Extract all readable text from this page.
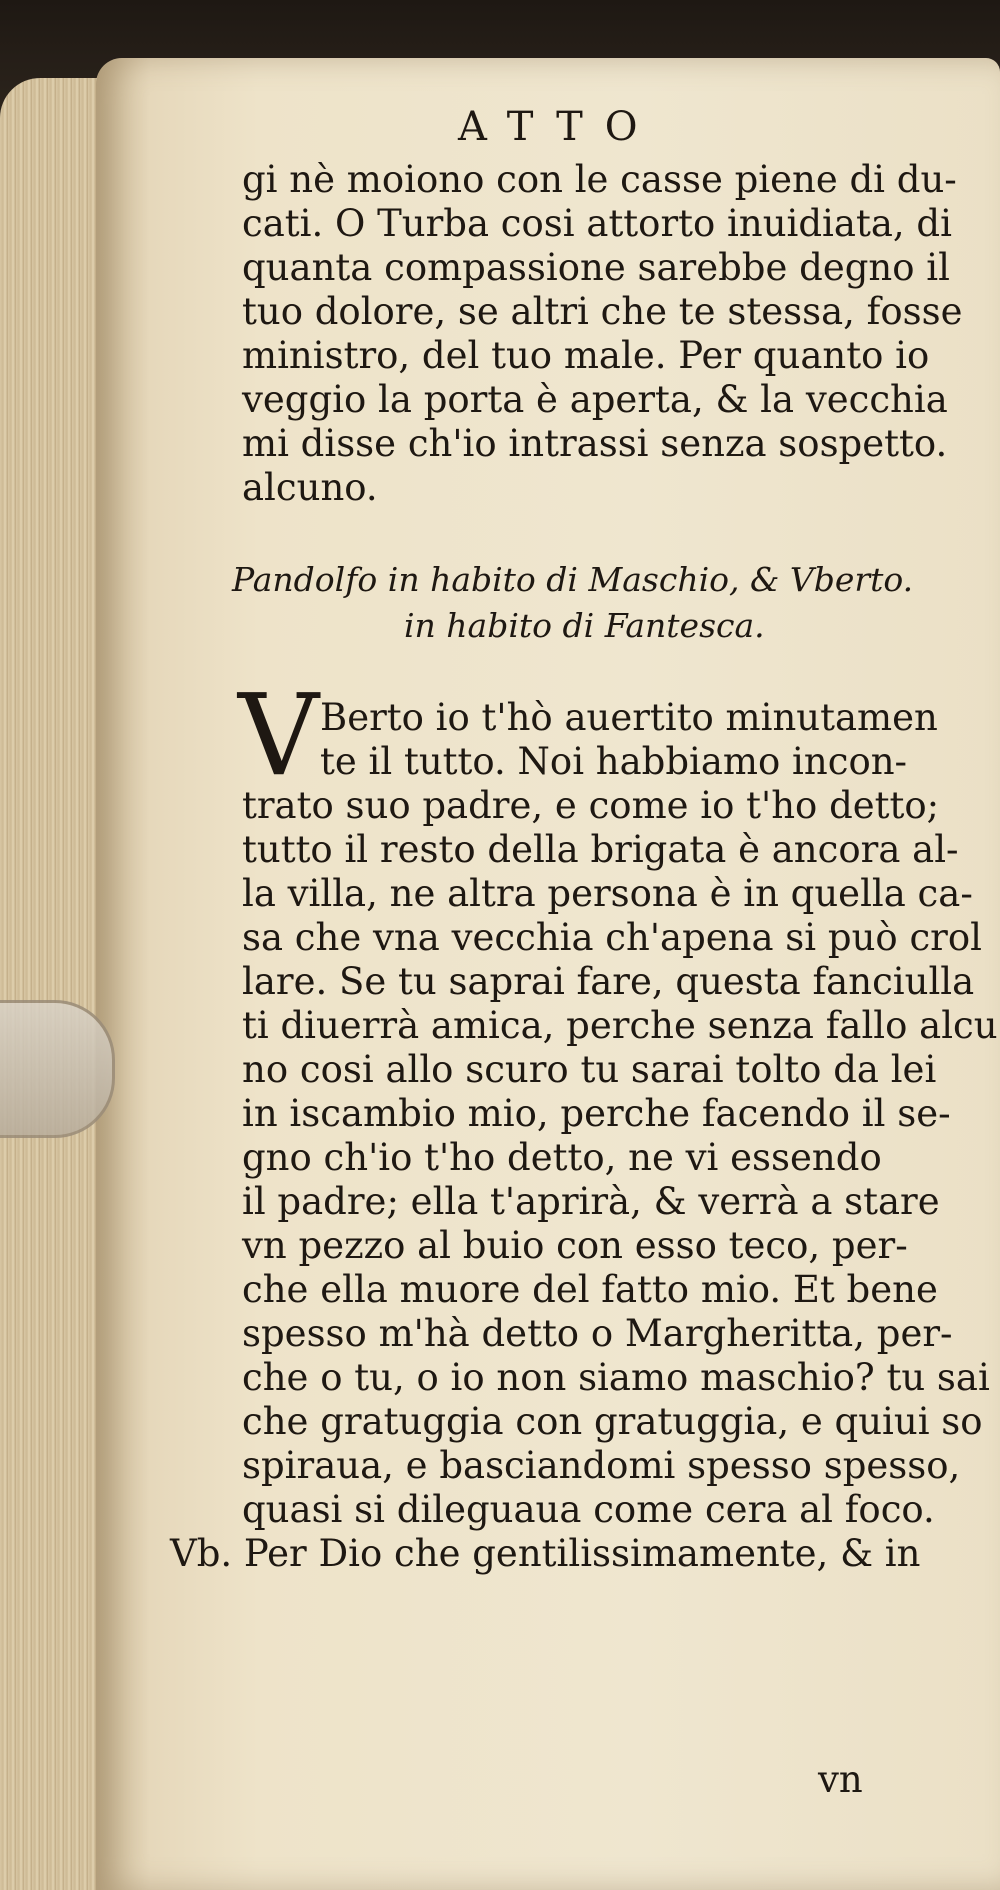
ATTO
gi nè moiono con le casse piene di du-
cati. O Turba cosi attorto inuidiata, di
quanta compassione sarebbe degno il
tuo dolore, se altri che te stessa, fosse
ministro, del tuo male. Per quanto io
veggio la porta è aperta, & la vecchia
mi disse ch'io intrassi senza sospetto.
alcuno.
Pandolfo in habito di Maschio, & Vberto.
in habito di Fantesca.
V Berto io t'hò auertito minutamen
te il tutto. Noi habbiamo incon-
trato suo padre, e come io t'ho detto;
tutto il resto della brigata è ancora al-
la villa, ne altra persona è in quella ca-
sa che vna vecchia ch'apena si può crol
lare. Se tu saprai fare, questa fanciulla
ti diuerrà amica, perche senza fallo alcu
no cosi allo scuro tu sarai tolto da lei
in iscambio mio, perche facendo il se-
gno ch'io t'ho detto, ne vi essendo
il padre; ella t'aprirà, & verrà a stare
vn pezzo al buio con esso teco, per-
che ella muore del fatto mio. Et bene
spesso m'hà detto o Margheritta, per-
che o tu, o io non siamo maschio? tu sai
che gratuggia con gratuggia, e quiui so
spiraua, e basciandomi spesso spesso,
quasi si dileguaua come cera al foco.
Vb. Per Dio che gentilissimamente, & in
vn
